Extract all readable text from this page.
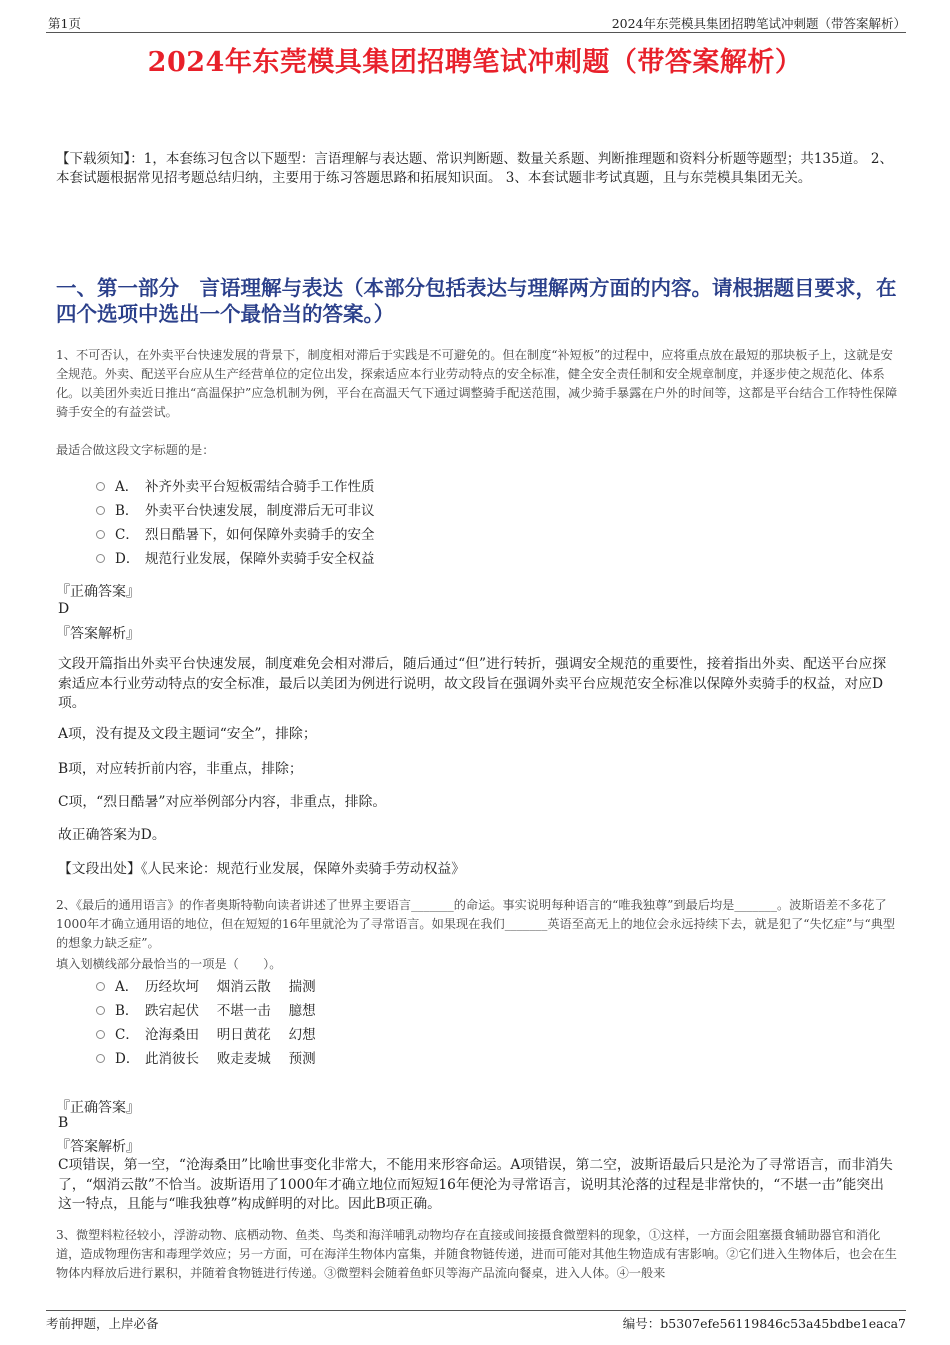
第1页	2024年东莞模具集团招聘笔试冲刺题（带答案解析）
2024年东莞模具集团招聘笔试冲刺题（带答案解析）

【下载须知】：1，本套练习包含以下题型：言语理解与表达题、常识判断题、数量关系题、判断推理题和资料分析题等题型；共135道。 2、本套试题根据常见招考题总结归纳，主要用于练习答题思路和拓展知识面。 3、本套试题非考试真题，且与东莞模具集团无关。

一、第一部分　言语理解与表达（本部分包括表达与理解两方面的内容。请根据题目要求，在四个选项中选出一个最恰当的答案。）

1、不可否认，在外卖平台快速发展的背景下，制度相对滞后于实践是不可避免的。但在制度“补短板”的过程中，应将重点放在最短的那块板子上，这就是安全规范。外卖、配送平台应从生产经营单位的定位出发，探索适应本行业劳动特点的安全标准，健全安全责任制和安全规章制度，并逐步使之规范化、体系化。以美团外卖近日推出“高温保护”应急机制为例，平台在高温天气下通过调整骑手配送范围，减少骑手暴露在户外的时间等，这都是平台结合工作特性保障骑手安全的有益尝试。

最适合做这段文字标题的是：

A． 补齐外卖平台短板需结合骑手工作性质
B． 外卖平台快速发展，制度滞后无可非议
C． 烈日酷暑下，如何保障外卖骑手的安全
D． 规范行业发展，保障外卖骑手安全权益
『正确答案』
D
『答案解析』

文段开篇指出外卖平台快速发展，制度难免会相对滞后，随后通过“但”进行转折，强调安全规范的重要性，接着指出外卖、配送平台应探索适应本行业劳动特点的安全标准，最后以美团为例进行说明，故文段旨在强调外卖平台应规范安全标准以保障外卖骑手的权益，对应D项。

A项，没有提及文段主题词“安全”，排除；

B项，对应转折前内容，非重点，排除；

C项，“烈日酷暑”对应举例部分内容，非重点，排除。

故正确答案为D。

【文段出处】《人民来论：规范行业发展，保障外卖骑手劳动权益》

2、《最后的通用语言》的作者奥斯特勒向读者讲述了世界主要语言_______的命运。事实说明每种语言的“唯我独尊”到最后均是_______。波斯语差不多花了1000年才确立通用语的地位，但在短短的16年里就沦为了寻常语言。如果现在我们_______英语至高无上的地位会永远持续下去，就是犯了“失忆症”与“典型的想象力缺乏症”。

填入划横线部分最恰当的一项是（　　）。

A． 历经坎坷　 烟消云散　 揣测
B． 跌宕起伏　 不堪一击　 臆想
C． 沧海桑田　 明日黄花　 幻想
D． 此消彼长　 败走麦城　 预测
『正确答案』
B
『答案解析』

C项错误，第一空，“沧海桑田”比喻世事变化非常大，不能用来形容命运。A项错误，第二空，波斯语最后只是沦为了寻常语言，而非消失了，“烟消云散”不恰当。波斯语用了1000年才确立地位而短短16年便沦为寻常语言，说明其沦落的过程是非常快的，“不堪一击”能突出这一特点，且能与“唯我独尊”构成鲜明的对比。因此B项正确。

3、微塑料粒径较小，浮游动物、底栖动物、鱼类、鸟类和海洋哺乳动物均存在直接或间接摄食微塑料的现象，①这样，一方面会阻塞摄食辅助器官和消化道，造成物理伤害和毒理学效应；另一方面，可在海洋生物体内富集，并随食物链传递，进而可能对其他生物造成有害影响。②它们进入生物体后，也会在生物体内释放后进行累积，并随着食物链进行传递。③微塑料会随着鱼虾贝等海产品流向餐桌，进入人体。④一般来

考前押题，上岸必备	编号：b5307efe56119846c53a45bdbe1eaca7
